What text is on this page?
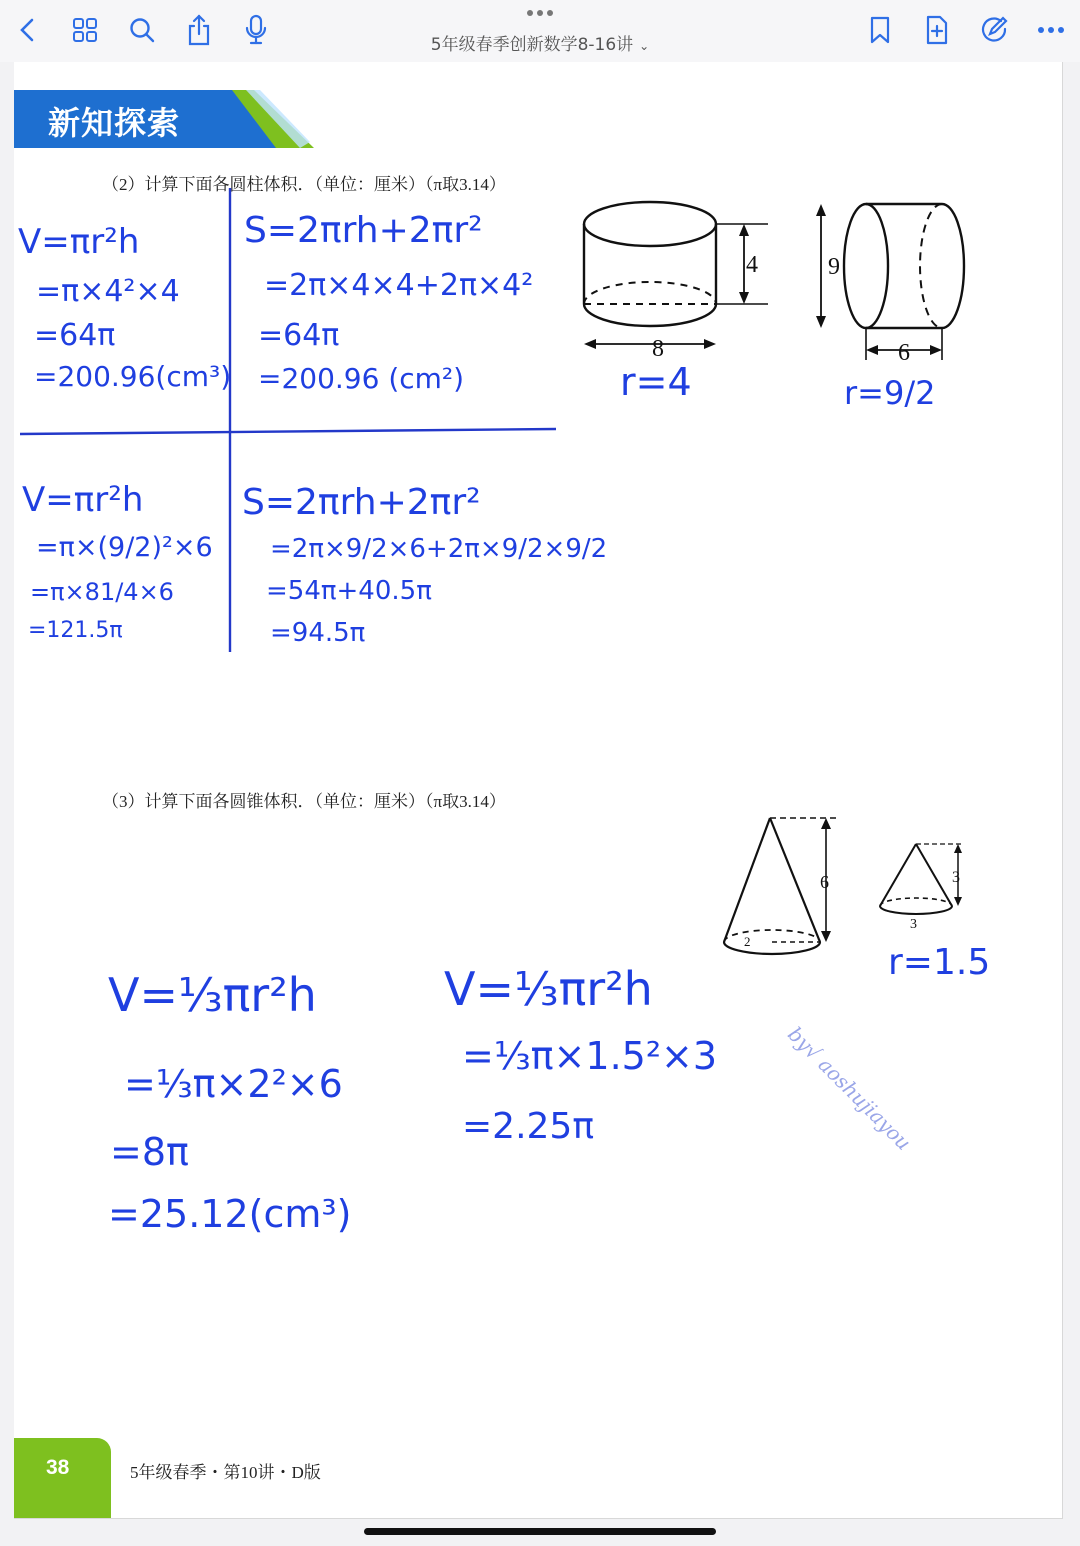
5年级春季创新数学8-16讲 ⌄
新知探索
（2）计算下面各圆柱体积．（单位：厘米）（π取3.14）
4
8
9
6
r=4	r=9/2
V=πr²h
=π×4²×4
=64π
=200.96(cm³)
S=2πrh+2πr²
=2π×4×4+2π×4²
=64π
=200.96 (cm²)
V=πr²h
=π×(9/2)²×6
=π×81/4×6
=121.5π
S=2πrh+2πr²
=2π×9/2×6+2π×9/2×9/2
=54π+40.5π
=94.5π
（3）计算下面各圆锥体积．（单位：厘米）（π取3.14）
6
2
3
3
r=1.5
V=⅓πr²h
=⅓π×2²×6
=8π
=25.12(cm³)
V=⅓πr²h
=⅓π×1.5²×3
=2.25π	by√ aoshujiayou
38	5年级春季・第10讲・D版
